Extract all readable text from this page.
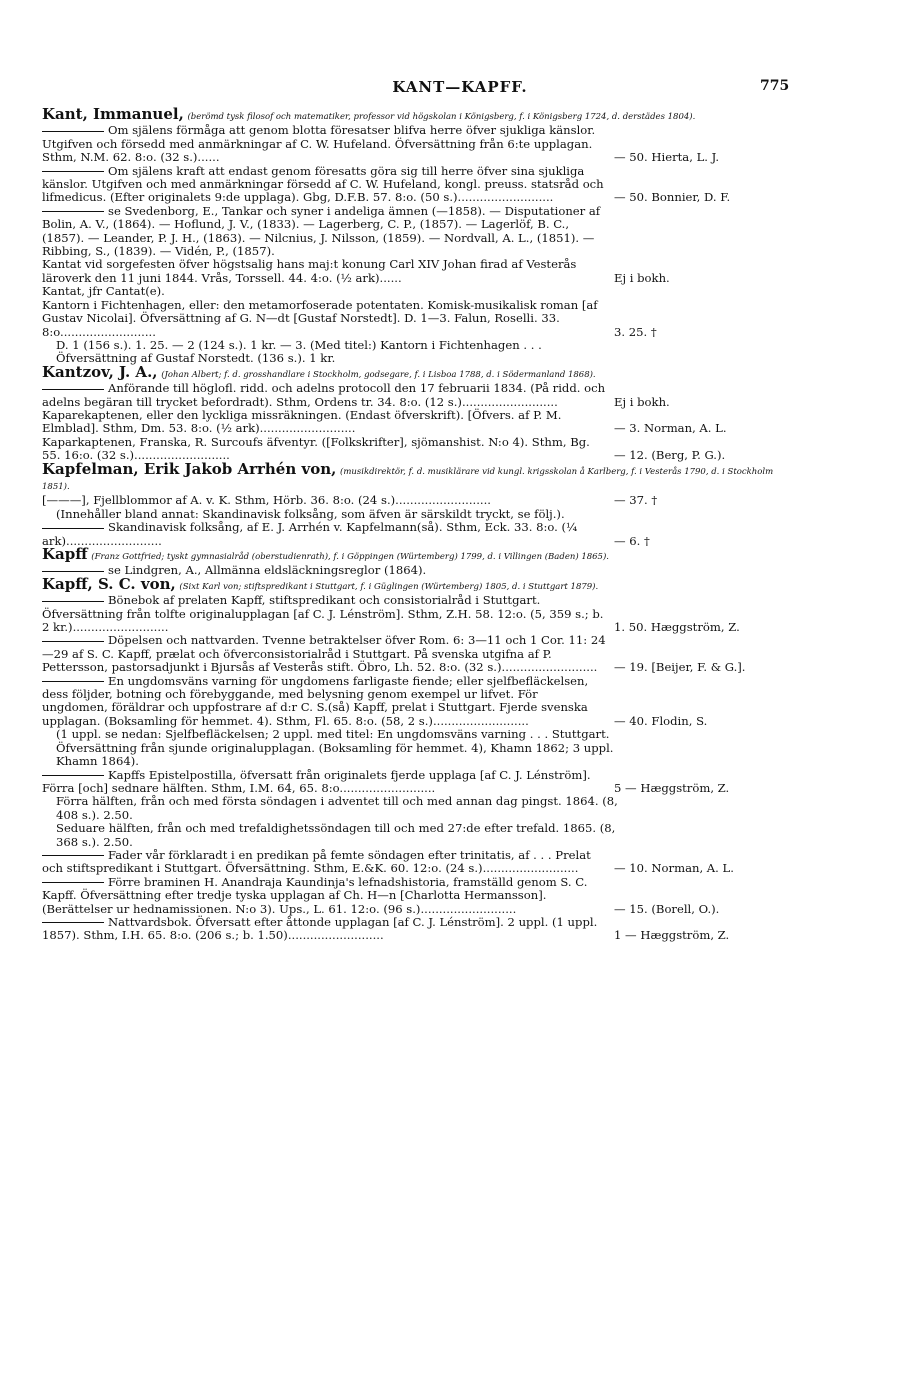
KANT—KAPFF.	775

Kant, Immanuel, (berömd tysk filosof och matematiker, professor vid högskolan i Königsberg, f. i Königsberg 1724, d. derstädes 1804).

Om själens förmåga att genom blotta föresatser blifva herre öfver sjukliga känslor. Utgifven och försedd med anmärkningar af C. W. Hufeland. Öfversättning från 6:te upplagan. Sthm, N.M. 62. 8:o. (32 s.)......	— 50. Hierta, L. J.
Om själens kraft att endast genom föresatts göra sig till herre öfver sina sjukliga känslor. Utgifven och med anmärkningar försedd af C. W. Hufeland, kongl. preuss. statsråd och lifmedicus. (Efter originalets 9:de upplaga). Gbg, D.F.B. 57. 8:o. (50 s.)..........................	— 50. Bonnier, D. F.
se Svedenborg, E., Tankar och syner i andeliga ämnen (—1858). — Disputationer af Bolin, A. V., (1864). — Hoflund, J. V., (1833). — Lagerberg, C. P., (1857). — Lagerlöf, B. C., (1857). — Leander, P. J. H., (1863). — Nilcnius, J. Nilsson, (1859). — Nordvall, A. L., (1851). — Ribbing, S., (1839). — Vidén, P., (1857).
Kantat vid sorgefesten öfver högstsalig hans maj:t konung Carl XIV Johan firad af Vesterås läroverk den 11 juni 1844. Vrås, Torssell. 44. 4:o. (½ ark)......	Ej i bokh.
Kantat, jfr Cantat(e).
Kantorn i Fichtenhagen, eller: den metamorfoserade potentaten. Komisk-musikalisk roman [af Gustav Nicolai]. Öfversättning af G. N—dt [Gustaf Norstedt]. D. 1—3. Falun, Roselli. 33. 8:o..........................	3. 25. †
D. 1 (156 s.). 1. 25. — 2 (124 s.). 1 kr. — 3. (Med titel:) Kantorn i Fichtenhagen . . . Öfversättning af Gustaf Norstedt. (136 s.). 1 kr.

Kantzov, J. A., (Johan Albert; f. d. grosshandlare i Stockholm, godsegare, f. i Lisboa 1788, d. i Södermanland 1868).

Anförande till höglofl. ridd. och adelns protocoll den 17 februarii 1834. (På ridd. och adelns begäran till trycket befordradt). Sthm, Ordens tr. 34. 8:o. (12 s.)..........................	Ej i bokh.
Kaparekaptenen, eller den lyckliga missräkningen. (Endast öfverskrift). [Öfvers. af P. M. Elmblad]. Sthm, Dm. 53. 8:o. (½ ark)..........................	— 3. Norman, A. L.
Kaparkaptenen, Franska, R. Surcoufs äfventyr. ([Folkskrifter], sjömanshist. N:o 4). Sthm, Bg. 55. 16:o. (32 s.)..........................	— 12. (Berg, P. G.).

Kapfelman, Erik Jakob Arrhén von, (musikdirektör, f. d. musiklärare vid kungl. krigsskolan å Karlberg, f. i Vesterås 1790, d. i Stockholm 1851).

[———], Fjellblommor af A. v. K. Sthm, Hörb. 36. 8:o. (24 s.)..........................	— 37. †
(Innehåller bland annat: Skandinavisk folksång, som äfven är särskildt tryckt, se följ.).
Skandinavisk folksång, af E. J. Arrhén v. Kapfelmann(så). Sthm, Eck. 33. 8:o. (¼ ark)..........................	— 6. †

Kapff (Franz Gottfried; tyskt gymnasialråd (oberstudienrath), f. i Göppingen (Würtemberg) 1799, d. i Villingen (Baden) 1865).

se Lindgren, A., Allmänna eldsläckningsreglor (1864).

Kapff, S. C. von, (Sixt Karl von; stiftspredikant i Stuttgart, f. i Güglingen (Würtemberg) 1805, d. i Stuttgart 1879).

Bönebok af prelaten Kapff, stiftspredikant och consistorialråd i Stuttgart. Öfversättning från tolfte originalupplagan [af C. J. Lénström]. Sthm, Z.H. 58. 12:o. (5, 359 s.; b. 2 kr.)..........................	1. 50. Hæggström, Z.
Döpelsen och nattvarden. Tvenne betraktelser öfver Rom. 6: 3—11 och 1 Cor. 11: 24—29 af S. C. Kapff, prælat och öfverconsistorialråd i Stuttgart. På svenska utgifna af P. Pettersson, pastorsadjunkt i Bjursås af Vesterås stift. Öbro, Lh. 52. 8:o. (32 s.)..........................	— 19. [Beijer, F. & G.].
En ungdomsväns varning för ungdomens farligaste fiende; eller sjelfbefläckelsen, dess följder, botning och förebyggande, med belysning genom exempel ur lifvet. För ungdomen, föräldrar och uppfostrare af d:r C. S.(så) Kapff, prelat i Stuttgart. Fjerde svenska upplagan. (Boksamling för hemmet. 4). Sthm, Fl. 65. 8:o. (58, 2 s.)..........................	— 40. Flodin, S.
(1 uppl. se nedan: Sjelfbefläckelsen; 2 uppl. med titel: En ungdomsväns varning . . . Stuttgart. Öfversättning från sjunde originalupplagan. (Boksamling för hemmet. 4), Khamn 1862; 3 uppl. Khamn 1864).
Kapffs Epistelpostilla, öfversatt från originalets fjerde upplaga [af C. J. Lénström]. Förra [och] sednare hälften. Sthm, I.M. 64, 65. 8:o..........................	5 — Hæggström, Z.
Förra hälften, från och med första söndagen i adventet till och med annan dag pingst. 1864. (8, 408 s.). 2.50.
Seduare hälften, från och med trefaldighetssöndagen till och med 27:de efter trefald. 1865. (8, 368 s.). 2.50.
Fader vår förklaradt i en predikan på femte söndagen efter trinitatis, af . . . Prelat och stiftspredikant i Stuttgart. Öfversättning. Sthm, E.&K. 60. 12:o. (24 s.)..........................	— 10. Norman, A. L.
Förre braminen H. Anandraja Kaundinja's lefnadshistoria, framställd genom S. C. Kapff. Öfversättning efter tredje tyska upplagan af Ch. H—n [Charlotta Hermansson]. (Berättelser ur hednamissionen. N:o 3). Ups., L. 61. 12:o. (96 s.)..........................	— 15. (Borell, O.).
Nattvardsbok. Öfversatt efter åttonde upplagan [af C. J. Lénström]. 2 uppl. (1 uppl. 1857). Sthm, I.H. 65. 8:o. (206 s.; b. 1.50)..........................	1 — Hæggström, Z.
